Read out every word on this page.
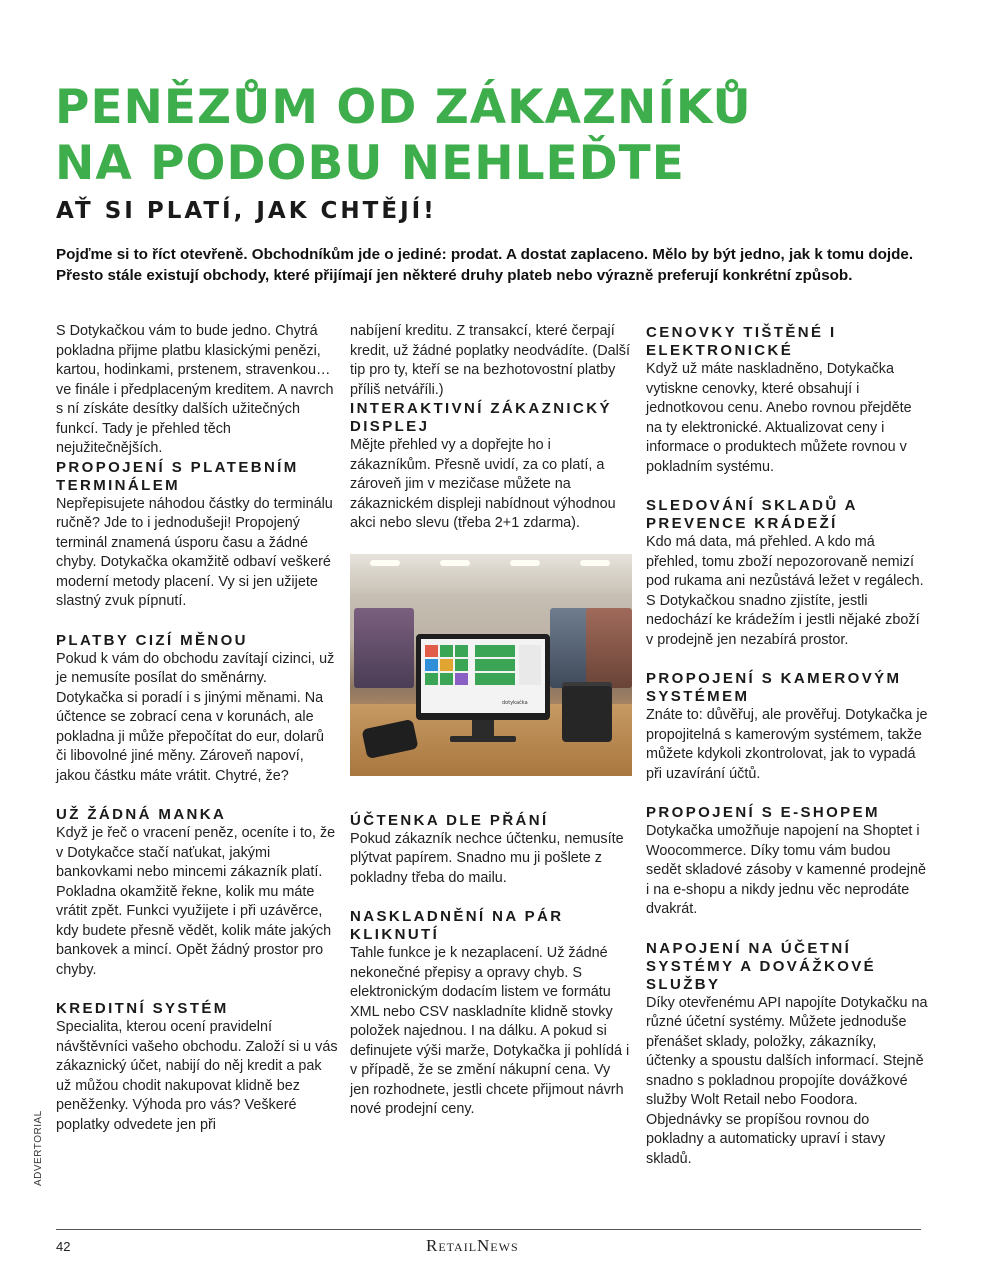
PENĚZŮM OD ZÁKAZNÍKŮ
NA PODOBU NEHLEĎTE
AŤ SI PLATÍ, JAK CHTĚJÍ!
Pojďme si to říct otevřeně. Obchodníkům jde o jediné: prodat. A dostat zaplaceno. Mělo by být jedno, jak k tomu dojde. Přesto stále existují obchody, které přijímají jen některé druhy plateb nebo výrazně preferují konkrétní způsob.

S Dotykačkou vám to bude jedno. Chytrá pokladna přijme platbu klasickými penězi, kartou, hodinkami, prstenem, stravenkou… ve finále i předplaceným kreditem. A navrch s ní získáte desítky dalších užitečných funkcí. Tady je přehled těch nejužitečnějších.

PROPOJENÍ S PLATEBNÍM TERMINÁLEM

Nepřepisujete náhodou částky do terminálu ručně? Jde to i jednodušeji! Propojený terminál znamená úsporu času a žádné chyby. Dotykačka okamžitě odbaví veškeré moderní metody placení. Vy si jen užijete slastný zvuk pípnutí.

PLATBY CIZÍ MĚNOU

Pokud k vám do obchodu zavítají cizinci, už je nemusíte posílat do směnárny. Dotykačka si poradí i s jinými měnami. Na účtence se zobrací cena v korunách, ale pokladna ji může přepočítat do eur, dolarů či libovolné jiné měny. Zároveň napoví, jakou částku máte vrátit. Chytré, že?

UŽ ŽÁDNÁ MANKA

Když je řeč o vracení peněz, oceníte i to, že v Dotykačce stačí naťukat, jakými bankovkami nebo mincemi zákazník platí. Pokladna okamžitě řekne, kolik mu máte vrátit zpět. Funkci využijete i při uzávěrce, kdy budete přesně vědět, kolik máte jakých bankovek a mincí. Opět žádný prostor pro chyby.

KREDITNÍ SYSTÉM

Specialita, kterou ocení pravidelní návštěvníci vašeho obchodu. Založí si u vás zákaznický účet, nabijí do něj kredit a pak už můžou chodit nakupovat klidně bez peněženky. Výhoda pro vás? Veškeré poplatky odvedete jen při

nabíjení kreditu. Z transakcí, které čerpají kredit, už žádné poplatky neodvádíte. (Další tip pro ty, kteří se na bezhotovostní platby příliš netváříli.)

INTERAKTIVNÍ ZÁKAZNICKÝ DISPLEJ

Mějte přehled vy a dopřejte ho i zákazníkům. Přesně uvidí, za co platí, a zároveň jim v mezičase můžete na zákaznickém displeji nabídnout výhodnou akci nebo slevu (třeba 2+1 zdarma).

dotykačka
ÚČTENKA DLE PŘÁNÍ

Pokud zákazník nechce účtenku, nemusíte plýtvat papírem. Snadno mu ji pošlete z pokladny třeba do mailu.

NASKLADNĚNÍ NA PÁR KLIKNUTÍ

Tahle funkce je k nezaplacení. Už žádné nekonečné přepisy a opravy chyb. S elektronickým dodacím listem ve formátu XML nebo CSV naskladníte klidně stovky položek najednou. I na dálku. A pokud si definujete výši marže, Dotykačka ji pohlídá i v případě, že se změní nákupní cena. Vy jen rozhodnete, jestli chcete přijmout návrh nové prodejní ceny.

CENOVKY TIŠTĚNÉ I ELEKTRONICKÉ

Když už máte naskladněno, Dotykačka vytiskne cenovky, které obsahují i jednotkovou cenu. Anebo rovnou přejděte na ty elektronické. Aktualizovat ceny i informace o produktech můžete rovnou v pokladním systému.

SLEDOVÁNÍ SKLADŮ A PREVENCE KRÁDEŽÍ

Kdo má data, má přehled. A kdo má přehled, tomu zboží nepozorovaně nemizí pod rukama ani nezůstává ležet v regálech. S Dotykačkou snadno zjistíte, jestli nedochází ke krádežím i jestli nějaké zboží v prodejně jen nezabírá prostor.

PROPOJENÍ S KAMEROVÝM SYSTÉMEM

Znáte to: důvěřuj, ale prověřuj. Dotykačka je propojitelná s kamerovým systémem, takže můžete kdykoli zkontrolovat, jak to vypadá při uzavírání účtů.

PROPOJENÍ S E-SHOPEM

Dotykačka umožňuje napojení na Shoptet i Woocommerce. Díky tomu vám budou sedět skladové zásoby v kamenné prodejně i na e-shopu a nikdy jednu věc neprodáte dvakrát.

NAPOJENÍ NA ÚČETNÍ SYSTÉMY A DOVÁŽKOVÉ SLUŽBY

Díky otevřenému API napojíte Dotykačku na různé účetní systémy. Můžete jednoduše přenášet sklady, položky, zákazníky, účtenky a spoustu dalších informací. Stejně snadno s pokladnou propojíte dovážkové služby Wolt Retail nebo Foodora. Objednávky se propíšou rovnou do pokladny a automaticky upraví i stavy skladů.

ADVERTORIAL
42	RetailNews
